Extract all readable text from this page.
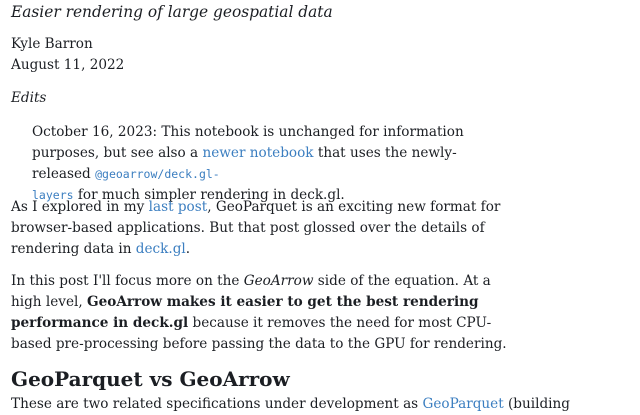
Easier rendering of large geospatial data
Kyle Barron
August 11, 2022
Edits
October 16, 2023: This notebook is unchanged for information purposes, but see also a newer notebook that uses the newly-released @geoarrow/deck.gl-
layers for much simpler rendering in deck.gl.
As I explored in my last post, GeoParquet is an exciting new format for browser-based applications. But that post glossed over the details of rendering data in deck.gl.
In this post I'll focus more on the GeoArrow side of the equation. At a high level, GeoArrow makes it easier to get the best rendering performance in deck.gl because it removes the need for most CPU-based pre-processing before passing the data to the GPU for rendering.
GeoParquet vs GeoArrow
These are two related specifications under development as GeoParquet (building
